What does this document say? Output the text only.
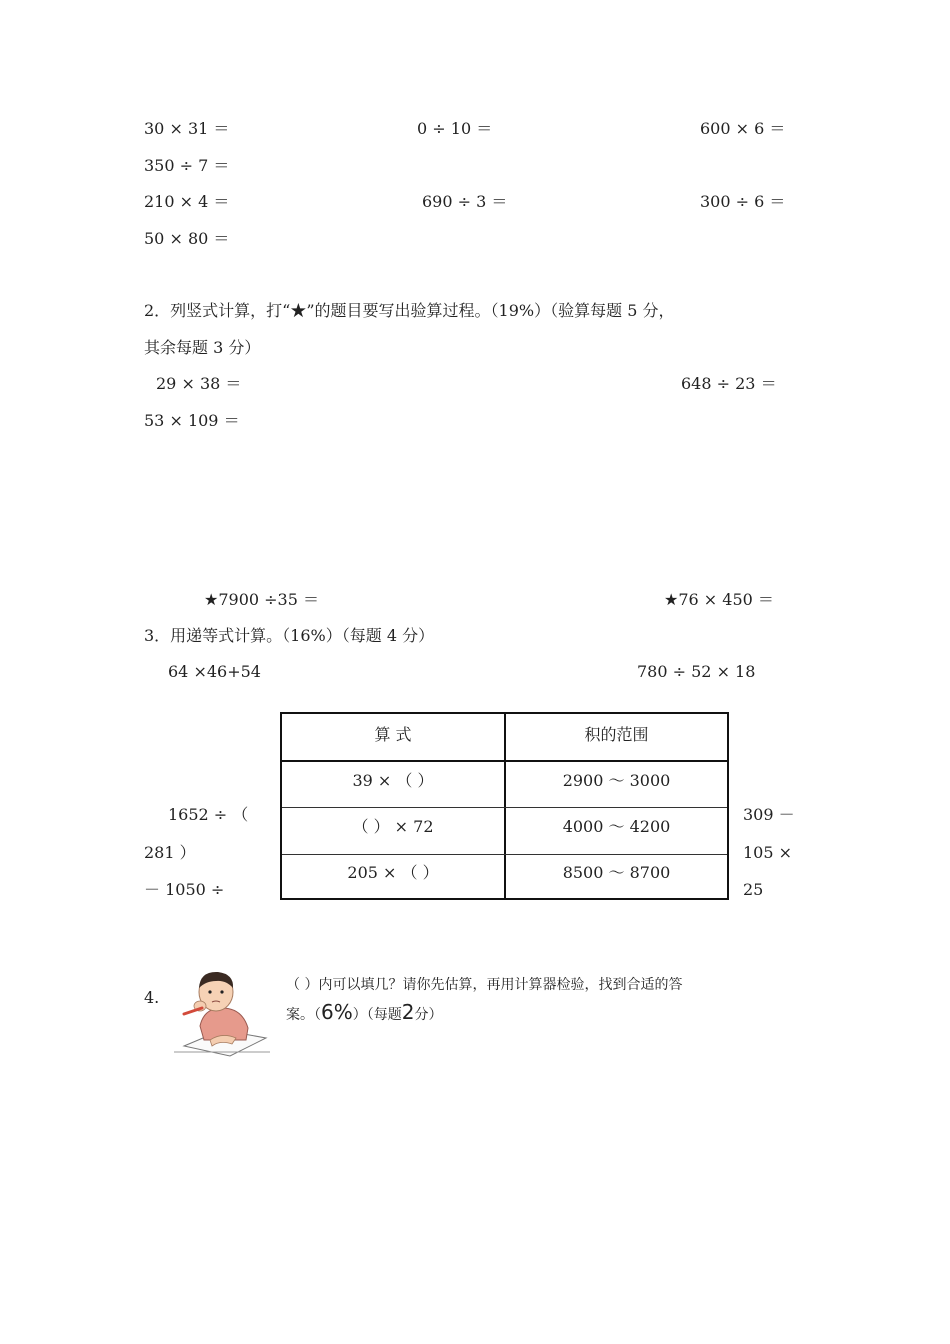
30 × 31 ＝	0 ÷ 10 ＝	600 × 6 ＝
350 ÷ 7 ＝
210 × 4 ＝	690 ÷ 3 ＝	300 ÷ 6 ＝
50 × 80 ＝
2．列竖式计算，打“★”的题目要写出验算过程。（19%）（验算每题 5 分，
其余每题 3 分）
29 × 38 ＝	648 ÷ 23 ＝
53 × 109 ＝
★7900 ÷35 ＝	★76 × 450 ＝
3．用递等式计算。（16%）（每题 4 分）
64 ×46+54	780 ÷ 52 × 18
1652 ÷ （
281 ）
－ 1050 ÷
309 －
105 ×
25
算 式	积的范围
39 × （ ）	2900 ～ 3000
（ ） × 72	4000 ～ 4200
205 × （ ）	8500 ～ 8700
4.
（ ）内可以填几？请你先估算，再用计算器检验，找到合适的答
案。（6%）（每题2分）
